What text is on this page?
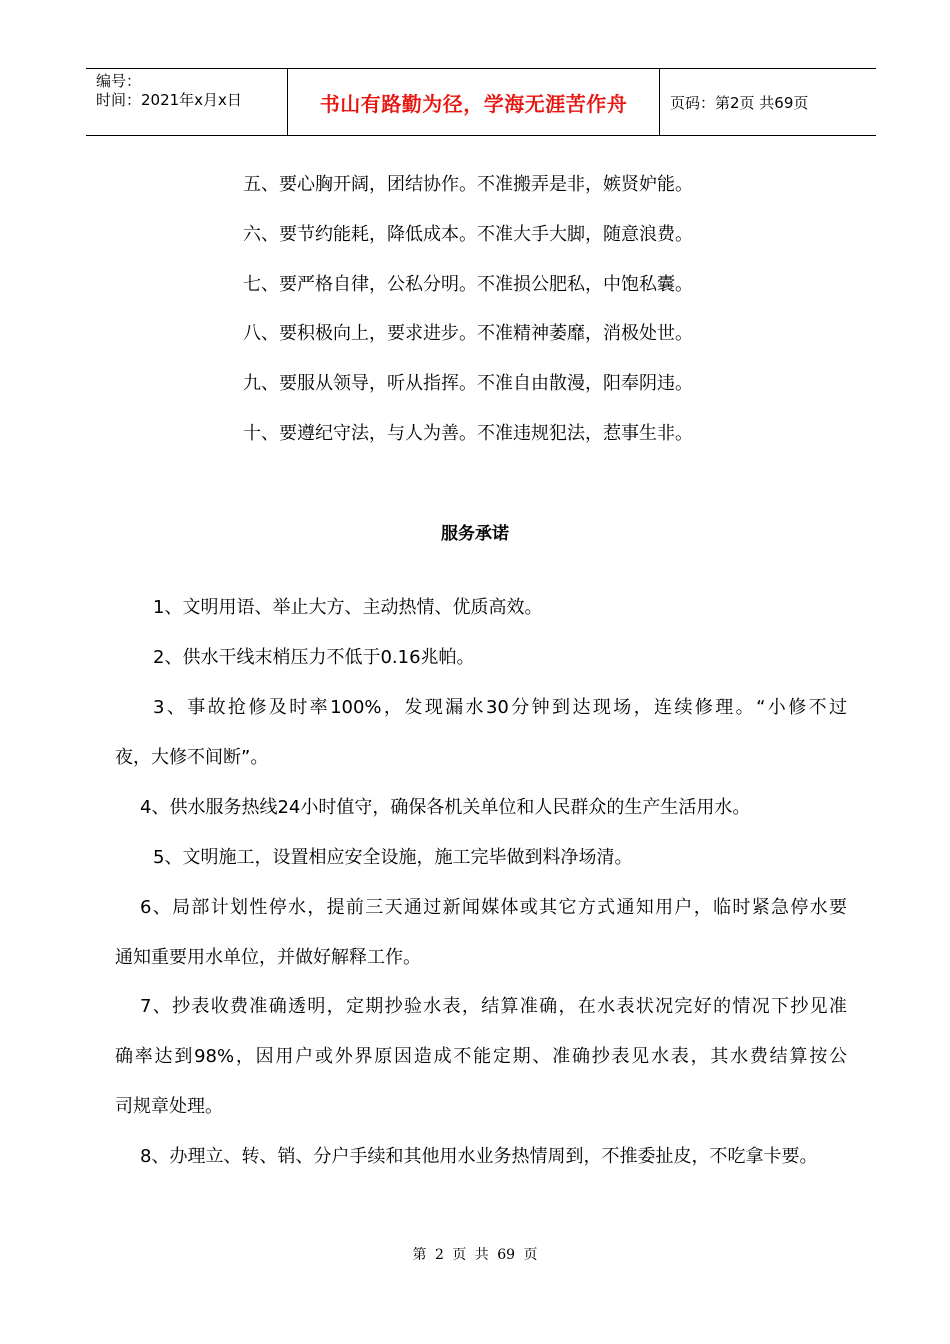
编号：
时间：2021年x月x日	书山有路勤为径，学海无涯苦作舟	页码：第2页 共69页
五、要心胸开阔，团结协作。不准搬弄是非，嫉贤妒能。
六、要节约能耗，降低成本。不准大手大脚，随意浪费。
七、要严格自律，公私分明。不准损公肥私，中饱私囊。
八、要积极向上，要求进步。不准精神萎靡，消极处世。
九、要服从领导，听从指挥。不准自由散漫，阳奉阴违。
十、要遵纪守法，与人为善。不准违规犯法，惹事生非。
服务承诺
1、文明用语、举止大方、主动热情、优质高效。
2、供水干线末梢压力不低于0.16兆帕。
3、事故抢修及时率100%，发现漏水30分钟到达现场，连续修理。“小修不过
夜，大修不间断”。
4、供水服务热线24小时值守，确保各机关单位和人民群众的生产生活用水。
5、文明施工，设置相应安全设施，施工完毕做到料净场清。
6、局部计划性停水，提前三天通过新闻媒体或其它方式通知用户，临时紧急停水要
通知重要用水单位，并做好解释工作。
7、抄表收费准确透明，定期抄验水表，结算准确，在水表状况完好的情况下抄见准
确率达到98%，因用户或外界原因造成不能定期、准确抄表见水表，其水费结算按公
司规章处理。
8、办理立、转、销、分户手续和其他用水业务热情周到，不推委扯皮，不吃拿卡要。
第 2 页 共 69 页
